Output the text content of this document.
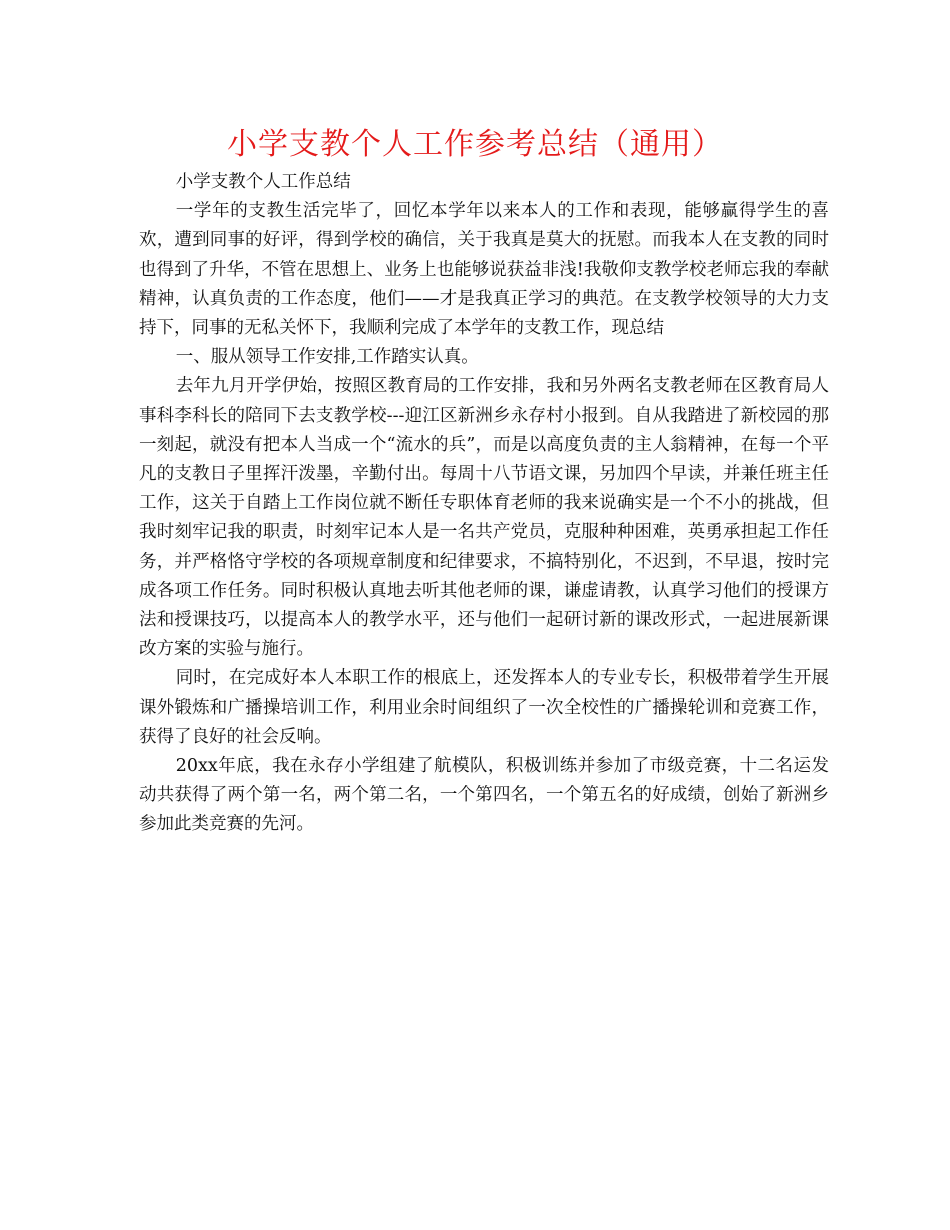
小学支教个人工作参考总结（通用）

小学支教个人工作总结

一学年的支教生活完毕了，回忆本学年以来本人的工作和表现，能够赢得学生的喜欢，遭到同事的好评，得到学校的确信，关于我真是莫大的抚慰。而我本人在支教的同时也得到了升华，不管在思想上、业务上也能够说获益非浅!我敬仰支教学校老师忘我的奉献精神，认真负责的工作态度，他们——才是我真正学习的典范。在支教学校领导的大力支持下，同事的无私关怀下，我顺利完成了本学年的支教工作，现总结

一、服从领导工作安排,工作踏实认真。

去年九月开学伊始，按照区教育局的工作安排，我和另外两名支教老师在区教育局人事科李科长的陪同下去支教学校---迎江区新洲乡永存村小报到。自从我踏进了新校园的那一刻起，就没有把本人当成一个“流水的兵”，而是以高度负责的主人翁精神，在每一个平凡的支教日子里挥汗泼墨，辛勤付出。每周十八节语文课，另加四个早读，并兼任班主任工作，这关于自踏上工作岗位就不断任专职体育老师的我来说确实是一个不小的挑战，但我时刻牢记我的职责，时刻牢记本人是一名共产党员，克服种种困难，英勇承担起工作任务，并严格恪守学校的各项规章制度和纪律要求，不搞特别化，不迟到，不早退，按时完成各项工作任务。同时积极认真地去听其他老师的课，谦虚请教，认真学习他们的授课方法和授课技巧，以提高本人的教学水平，还与他们一起研讨新的课改形式，一起进展新课改方案的实验与施行。

同时，在完成好本人本职工作的根底上，还发挥本人的专业专长，积极带着学生开展课外锻炼和广播操培训工作，利用业余时间组织了一次全校性的广播操轮训和竞赛工作，获得了良好的社会反响。

20xx年底，我在永存小学组建了航模队，积极训练并参加了市级竞赛，十二名运发动共获得了两个第一名，两个第二名，一个第四名，一个第五名的好成绩，创始了新洲乡参加此类竞赛的先河。
